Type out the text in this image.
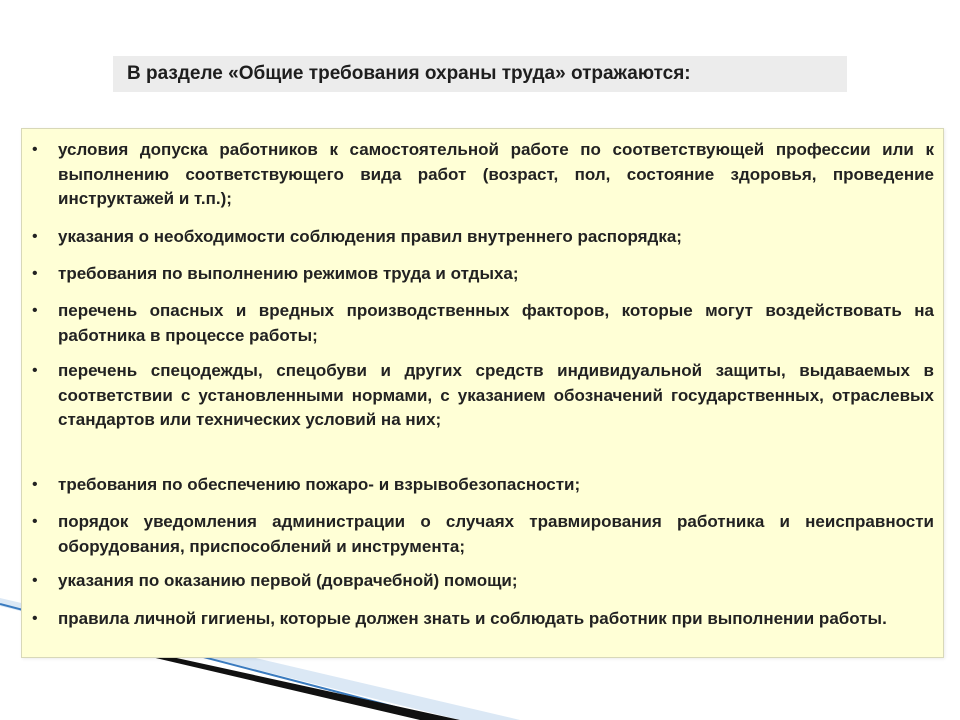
В разделе «Общие требования охраны труда» отражаются:
• условия допуска работников к самостоятельной работе по соответствующей профессии или к выполнению соответствующего вида работ (возраст, пол, состояние здоровья, проведение инструктажей и т.п.);
• указания о необходимости соблюдения правил внутреннего распорядка;
• требования по выполнению режимов труда и отдыха;
• перечень опасных и вредных производственных факторов, которые могут воздействовать на работника в процессе работы;
• перечень спецодежды, спецобуви и других средств индивидуальной защиты, выдаваемых в соответствии с установленными нормами, с указанием обозначений государственных, отраслевых стандартов или технических условий на них;
• требования по обеспечению пожаро- и взрывобезопасности;
• порядок уведомления администрации о случаях травмирования работника и неисправности оборудования, приспособлений и инструмента;
• указания по оказанию первой (доврачебной) помощи;
• правила личной гигиены, которые должен знать и соблюдать работник при выполнении работы.
